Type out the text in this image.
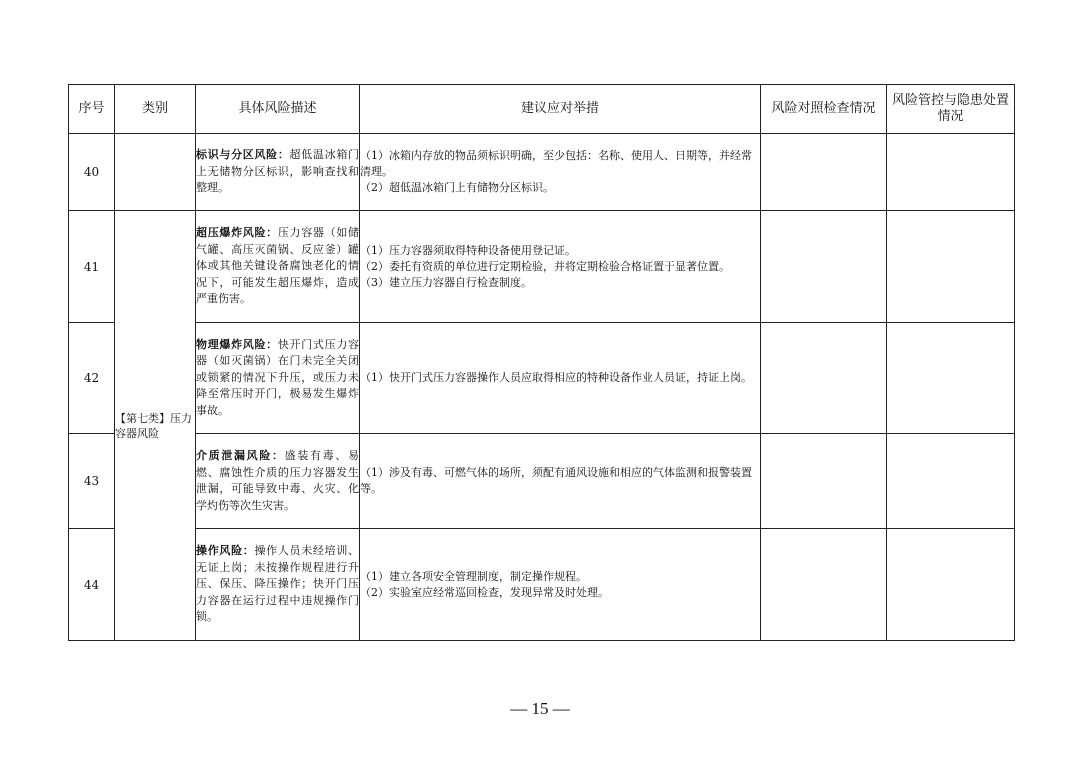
序号	类别	具体风险描述	建议应对举措	风险对照检查情况	风险管控与隐患处置情况
40		标识与分区风险：超低温冰箱门上无储物分区标识，影响查找和整理。	（1）冰箱内存放的物品须标识明确，至少包括：名称、使用人、日期等，并经常清理。
（2）超低温冰箱门上有储物分区标识。		

41	【第七类】压力容器风险	超压爆炸风险：压力容器（如储气罐、高压灭菌锅、反应釜）罐体或其他关键设备腐蚀老化的情况下，可能发生超压爆炸，造成严重伤害。	（1）压力容器须取得特种设备使用登记证。
（2）委托有资质的单位进行定期检验，并将定期检验合格证置于显著位置。
（3）建立压力容器自行检查制度。		

42		物理爆炸风险：快开门式压力容器（如灭菌锅）在门未完全关闭或锁紧的情况下升压，或压力未降至常压时开门，极易发生爆炸事故。	（1）快开门式压力容器操作人员应取得相应的特种设备作业人员证，持证上岗。		

43		介质泄漏风险：盛装有毒、易燃、腐蚀性介质的压力容器发生泄漏，可能导致中毒、火灾、化学灼伤等次生灾害。	（1）涉及有毒、可燃气体的场所，须配有通风设施和相应的气体监测和报警装置等。		

44		操作风险：操作人员未经培训、无证上岗；未按操作规程进行升压、保压、降压操作；快开门压力容器在运行过程中违规操作门锁。	（1）建立各项安全管理制度，制定操作规程。
（2）实验室应经常巡回检查，发现异常及时处理。		

— 15 —
